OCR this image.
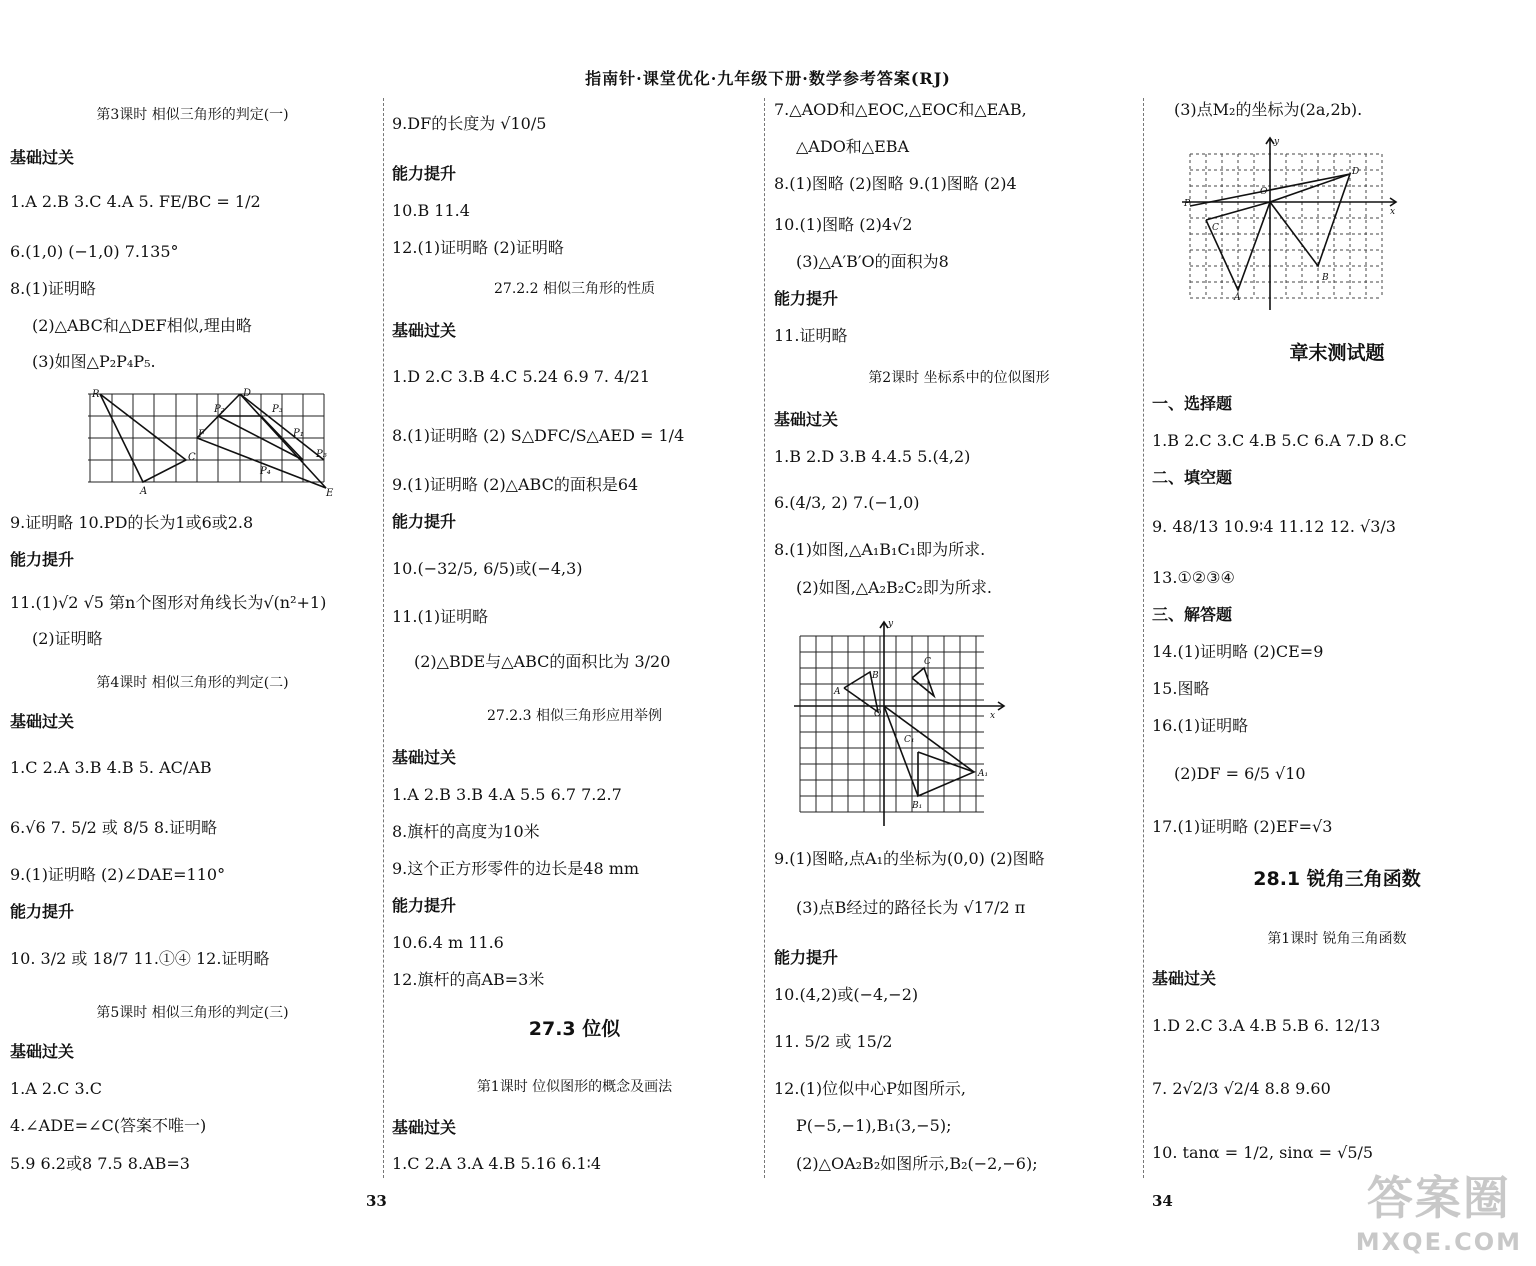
指南针·课堂优化·九年级下册·数学参考答案(RJ)
第3课时 相似三角形的判定(一)
基础过关
1.A 2.B 3.C 4.A 5. FE/BC = 1/2
6.(1,0) (−1,0) 7.135°
8.(1)证明略
(2)△ABC和△DEF相似,理由略
(3)如图△P₂P₄P₅.
R	D
P₂	P₃
F	P₁
C
P₄
P₅
A	E
9.证明略 10.PD的长为1或6或2.8
能力提升
11.(1)√2 √5 第n个图形对角线长为√(n²+1)
(2)证明略
第4课时 相似三角形的判定(二)
基础过关
1.C 2.A 3.B 4.B 5. AC/AB
6.√6 7. 5/2 或 8/5 8.证明略
9.(1)证明略 (2)∠DAE=110°
能力提升
10. 3/2 或 18/7 11.①④ 12.证明略
第5课时 相似三角形的判定(三)
基础过关
1.A 2.C 3.C
4.∠ADE=∠C(答案不唯一)
5.9 6.2或8 7.5 8.AB=3
9.DF的长度为 √10/5
能力提升
10.B 11.4
12.(1)证明略 (2)证明略
27.2.2 相似三角形的性质
基础过关
1.D 2.C 3.B 4.C 5.24 6.9 7. 4/21
8.(1)证明略 (2) S△DFC/S△AED = 1/4
9.(1)证明略 (2)△ABC的面积是64
能力提升
10.(−32/5, 6/5)或(−4,3)
11.(1)证明略
(2)△BDE与△ABC的面积比为 3/20
27.2.3 相似三角形应用举例
基础过关
1.A 2.B 3.B 4.A 5.5 6.7 7.2.7
8.旗杆的高度为10米
9.这个正方形零件的边长是48 mm
能力提升
10.6.4 m 11.6
12.旗杆的高AB=3米
27.3 位似
第1课时 位似图形的概念及画法
基础过关
1.C 2.A 3.A 4.B 5.16 6.1∶4
7.△AOD和△EOC,△EOC和△EAB,
△ADO和△EBA
8.(1)图略 (2)图略 9.(1)图略 (2)4
10.(1)图略 (2)4√2
(3)△A′B′O的面积为8
能力提升
11.证明略
第2课时 坐标系中的位似图形
基础过关
1.B 2.D 3.B 4.4.5 5.(4,2)
6.(4/3, 2) 7.(−1,0)
8.(1)如图,△A₁B₁C₁即为所求.
(2)如图,△A₂B₂C₂即为所求.
y
B
A
C
O
B₁
A₁
C₁
x
9.(1)图略,点A₁的坐标为(0,0) (2)图略
(3)点B经过的路径长为 √17/2 π
能力提升
10.(4,2)或(−4,−2)
11. 5/2 或 15/2
12.(1)位似中心P如图所示,
P(−5,−1),B₁(3,−5);
(2)△OA₂B₂如图所示,B₂(−2,−6);
(3)点M₂的坐标为(2a,2b).
y
P
O
D
x
B
A
C
章末测试题
一、选择题
1.B 2.C 3.C 4.B 5.C 6.A 7.D 8.C
二、填空题
9. 48/13 10.9∶4 11.12 12. √3/3
13.①②③④
三、解答题
14.(1)证明略 (2)CE=9
15.图略
16.(1)证明略
(2)DF = 6/5 √10
17.(1)证明略 (2)EF=√3
28.1 锐角三角函数
第1课时 锐角三角函数
基础过关
1.D 2.C 3.A 4.B 5.B 6. 12/13
7. 2√2/3 √2/4 8.8 9.60
10. tanα = 1/2, sinα = √5/5
33	34	答案圈
MXQE.COM
